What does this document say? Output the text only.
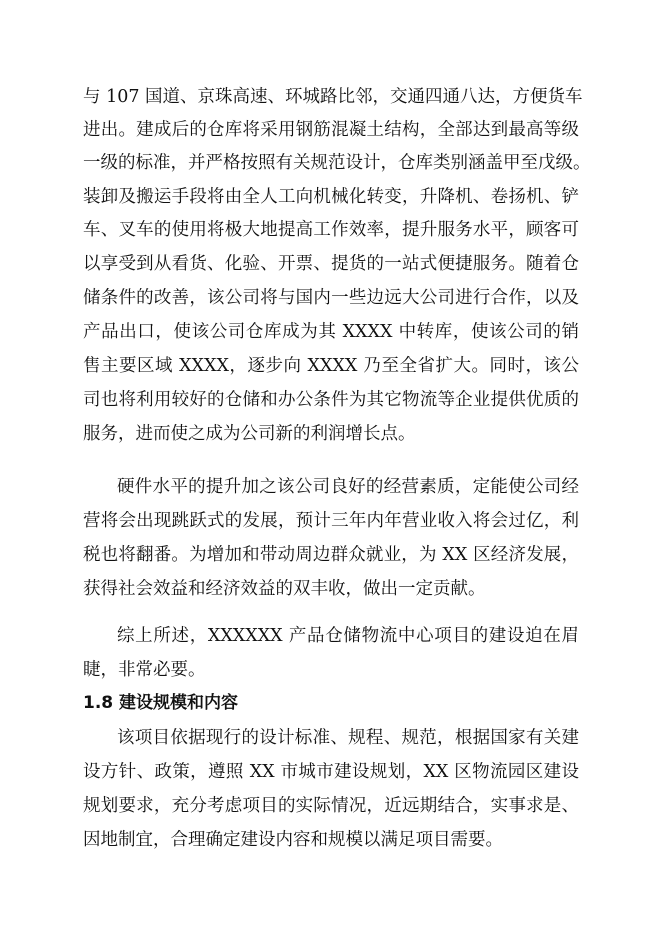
与 107 国道、京珠高速、环城路比邻，交通四通八达，方便货车
进出。建成后的仓库将采用钢筋混凝土结构，全部达到最高等级
一级的标准，并严格按照有关规范设计，仓库类别涵盖甲至戊级。
装卸及搬运手段将由全人工向机械化转变，升降机、卷扬机、铲
车、叉车的使用将极大地提高工作效率，提升服务水平，顾客可
以享受到从看货、化验、开票、提货的一站式便捷服务。随着仓
储条件的改善，该公司将与国内一些边远大公司进行合作，以及
产品出口，使该公司仓库成为其 XXXX 中转库，使该公司的销
售主要区域 XXXX，逐步向 XXXX 乃至全省扩大。同时，该公
司也将利用较好的仓储和办公条件为其它物流等企业提供优质的
服务，进而使之成为公司新的利润增长点。
硬件水平的提升加之该公司良好的经营素质，定能使公司经
营将会出现跳跃式的发展，预计三年内年营业收入将会过亿，利
税也将翻番。为增加和带动周边群众就业，为 XX 区经济发展，
获得社会效益和经济效益的双丰收，做出一定贡献。
综上所述，XXXXXX 产品仓储物流中心项目的建设迫在眉
睫，非常必要。
1.8 建设规模和内容
该项目依据现行的设计标准、规程、规范，根据国家有关建
设方针、政策，遵照 XX 市城市建设规划，XX 区物流园区建设
规划要求，充分考虑项目的实际情况，近远期结合，实事求是、
因地制宜，合理确定建设内容和规模以满足项目需要。
